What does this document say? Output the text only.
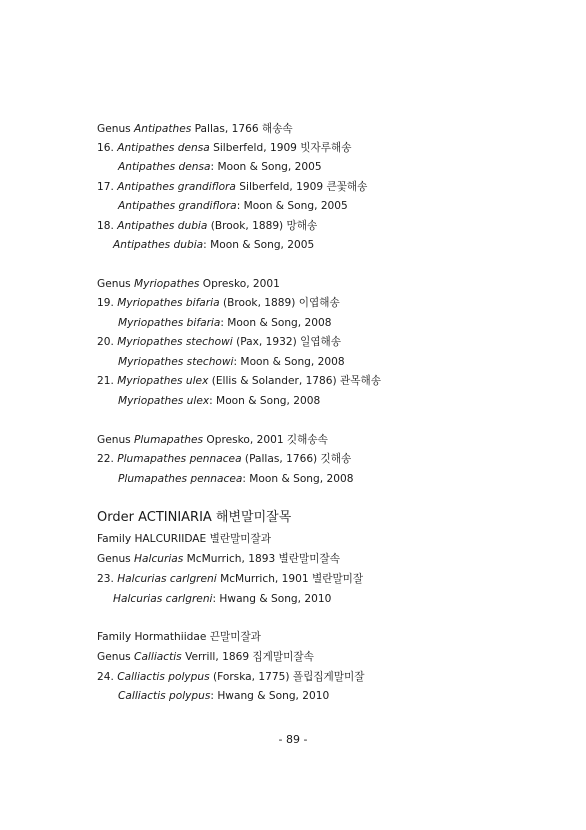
Genus Antipathes Pallas, 1766 해송속
16. Antipathes densa Silberfeld, 1909 빗자루해송
Antipathes densa: Moon & Song, 2005
17. Antipathes grandiflora Silberfeld, 1909 큰꽃해송
Antipathes grandiflora: Moon & Song, 2005
18. Antipathes dubia (Brook, 1889) 망해송
Antipathes dubia: Moon & Song, 2005
Genus Myriopathes Opresko, 2001
19. Myriopathes bifaria (Brook, 1889) 이엽해송
Myriopathes bifaria: Moon & Song, 2008
20. Myriopathes stechowi (Pax, 1932) 일엽해송
Myriopathes stechowi: Moon & Song, 2008
21. Myriopathes ulex (Ellis & Solander, 1786) 관목해송
Myriopathes ulex: Moon & Song, 2008
Genus Plumapathes Opresko, 2001 깃해송속
22. Plumapathes pennacea (Pallas, 1766) 깃해송
Plumapathes pennacea: Moon & Song, 2008
Order ACTINIARIA 해변말미잘목
Family HALCURIIDAE 별란말미잘과
Genus Halcurias McMurrich, 1893 별란말미잘속
23. Halcurias carlgreni McMurrich, 1901 별란말미잘
Halcurias carlgreni: Hwang & Song, 2010
Family Hormathiidae 끈말미잘과
Genus Calliactis Verrill, 1869 집게말미잘속
24. Calliactis polypus (Forska, 1775) 폴립집게말미잘
Calliactis polypus: Hwang & Song, 2010
- 89 -
